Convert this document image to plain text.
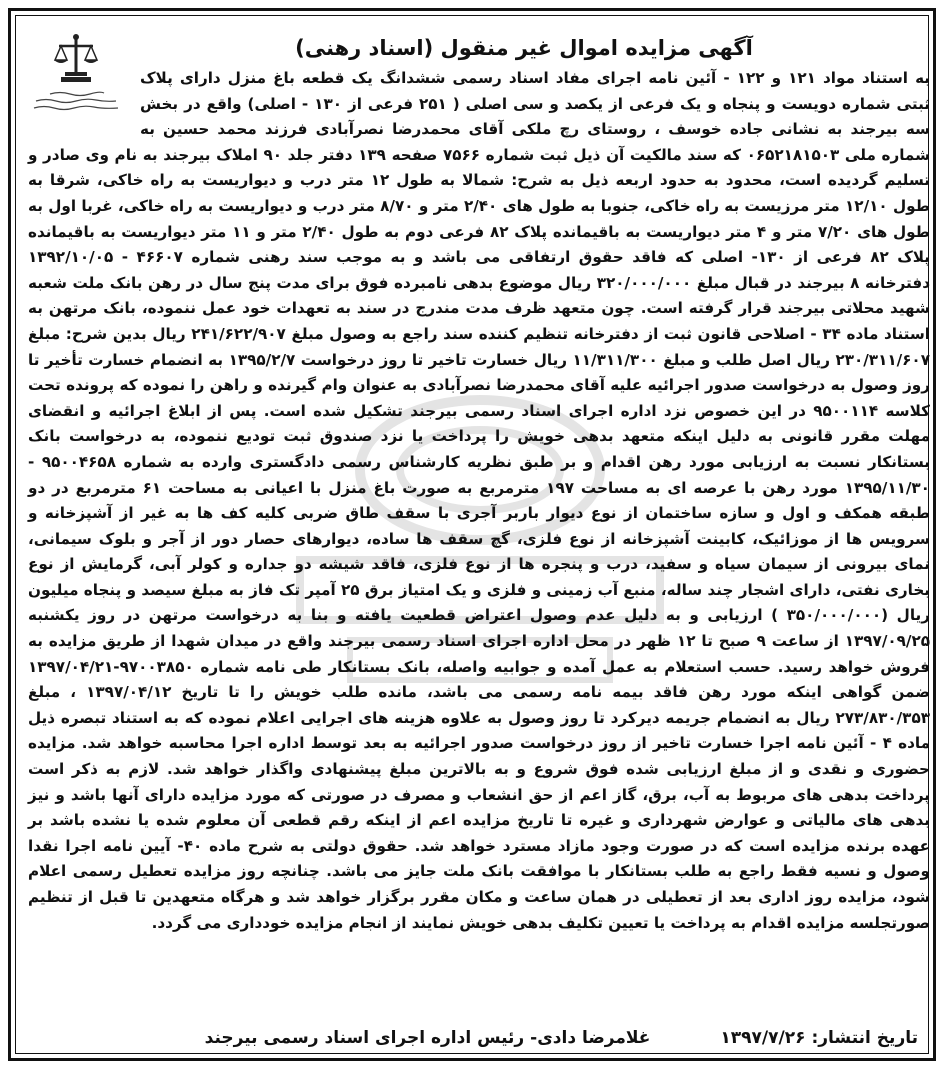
آگهی مزایده اموال غیر منقول (اسناد رهنی)

به استناد مواد ۱۲۱ و ۱۲۲ - آئین نامه اجرای مفاد اسناد رسمی ششدانگ یک قطعه باغ منزل دارای پلاک ثبتی شماره دویست و پنجاه و یک فرعی از یکصد و سی اصلی ( ۲۵۱ فرعی از ۱۳۰ - اصلی) واقع در بخش سه بیرجند به نشانی جاده خوسف ، روستای رچ ملکی آقای محمدرضا نصرآبادی فرزند محمد حسین به شماره ملی ۰۶۵۲۱۸۱۵۰۳ که سند مالکیت آن ذیل ثبت شماره ۷۵۶۶ صفحه ۱۳۹ دفتر جلد ۹۰ املاک بیرجند به نام وی صادر و تسلیم گردیده است، محدود به حدود اربعه ذیل به شرح: شمالا به طول ۱۲ متر درب و دیواریست به راه خاکی، شرقا به طول ۱۲/۱۰ متر مرزیست به راه خاکی، جنوبا به طول های ۲/۴۰ متر و ۸/۷۰ متر درب و دیواریست به راه خاکی، غربا اول به طول های ۷/۲۰ متر و ۴ متر دیواریست به باقیمانده پلاک ۸۲ فرعی دوم به طول ۲/۴۰ متر و ۱۱ متر دیواریست به باقیمانده پلاک ۸۲ فرعی از ۱۳۰- اصلی که فاقد حقوق ارتفاقی می باشد و به موجب سند رهنی شماره ۴۶۶۰۷ - ۱۳۹۲/۱۰/۰۵ دفترخانه ۸ بیرجند در قبال مبلغ ۳۲۰/۰۰۰/۰۰۰ ریال موضوع بدهی نامبرده فوق برای مدت پنج سال در رهن بانک ملت شعبه شهید محلاتی بیرجند قرار گرفته است. چون متعهد ظرف مدت مندرج در سند به تعهدات خود عمل ننموده، بانک مرتهن به استناد ماده ۳۴ - اصلاحی قانون ثبت از دفترخانه تنظیم کننده سند راجع به وصول مبلغ ۲۴۱/۶۲۲/۹۰۷ ریال بدین شرح: مبلغ ۲۳۰/۳۱۱/۶۰۷ ریال اصل طلب و مبلغ ۱۱/۳۱۱/۳۰۰ ریال خسارت تاخیر تا روز درخواست ۱۳۹۵/۲/۷ به انضمام خسارت تأخیر تا روز وصول به درخواست صدور اجرائیه علیه آقای محمدرضا نصرآبادی به عنوان وام گیرنده و راهن را نموده که پرونده تحت کلاسه ۹۵۰۰۱۱۴ در این خصوص نزد اداره اجرای اسناد رسمی بیرجند تشکیل شده است. پس از ابلاغ اجرائیه و انقضای مهلت مقرر قانونی به دلیل اینکه متعهد بدهی خویش را پرداخت یا نزد صندوق ثبت تودیع ننموده، به درخواست بانک بستانکار نسبت به ارزیابی مورد رهن اقدام و بر طبق نظریه کارشناس رسمی دادگستری وارده به شماره ۹۵۰۰۴۶۵۸ - ۱۳۹۵/۱۱/۳۰ مورد رهن با عرصه ای به مساحت ۱۹۷ مترمربع به صورت باغ منزل با اعیانی به مساحت ۶۱ مترمربع در دو طبقه همکف و اول و سازه ساختمان از نوع دیوار باربر آجری با سقف طاق ضربی کلیه کف ها به غیر از آشپزخانه و سرویس ها از موزائیک، کابینت آشپزخانه از نوع فلزی، گچ سقف ها ساده، دیوارهای حصار دور از آجر و بلوک سیمانی، نمای بیرونی از سیمان سیاه و سفید، درب و پنجره ها از نوع فلزی، فاقد شیشه دو جداره و کولر آبی، گرمایش از نوع بخاری نفتی، دارای اشجار چند ساله، منبع آب زمینی و فلزی و یک امتیاز برق ۲۵ آمپر تک فاز به مبلغ سیصد و پنجاه میلیون ریال (۳۵۰/۰۰۰/۰۰۰ ) ارزیابی و به دلیل عدم وصول اعتراض قطعیت یافته و بنا به درخواست مرتهن در روز یکشنبه ۱۳۹۷/۰۹/۲۵ از ساعت ۹ صبح تا ۱۲ ظهر در محل اداره اجرای اسناد رسمی بیرجند واقع در میدان شهدا از طریق مزایده به فروش خواهد رسید. حسب استعلام به عمل آمده و جوابیه واصله، بانک بستانکار طی نامه شماره ۹۷۰۰۳۸۵۰-۱۳۹۷/۰۴/۲۱ ضمن گواهی اینکه مورد رهن فاقد بیمه نامه رسمی می باشد، مانده طلب خویش را تا تاریخ ۱۳۹۷/۰۴/۱۲ ، مبلغ ۲۷۳/۸۳۰/۳۵۳ ریال به انضمام جریمه دیرکرد تا روز وصول به علاوه هزینه های اجرایی اعلام نموده که به استناد تبصره ذیل ماده ۴ - آئین نامه اجرا خسارت تاخیر از روز درخواست صدور اجرائیه به بعد توسط اداره اجرا محاسبه خواهد شد. مزایده حضوری و نقدی و از مبلغ ارزیابی شده فوق شروع و به بالاترین مبلغ پیشنهادی واگذار خواهد شد. لازم به ذکر است پرداخت بدهی های مربوط به آب، برق، گاز اعم از حق انشعاب و مصرف در صورتی که مورد مزایده دارای آنها باشد و نیز بدهی های مالیاتی و عوارض شهرداری و غیره تا تاریخ مزایده اعم از اینکه رقم قطعی آن معلوم شده یا نشده باشد بر عهده برنده مزایده است که در صورت وجود مازاد مسترد خواهد شد. حقوق دولتی به شرح ماده ۴۰- آیین نامه اجرا نقدا وصول و نسیه فقط راجع به طلب بستانکار با موافقت بانک ملت جایز می باشد. چنانچه روز مزایده تعطیل رسمی اعلام شود، مزایده روز اداری بعد از تعطیلی در همان ساعت و مکان مقرر برگزار خواهد شد و هرگاه متعهدین تا قبل از تنظیم صورتجلسه مزایده اقدام به پرداخت یا تعیین تکلیف بدهی خویش نمایند از انجام مزایده خودداری می گردد.

تاریخ انتشار:
۱۳۹۷/۷/۲۶
غلامرضا دادی- رئیس اداره اجرای اسناد رسمی بیرجند
